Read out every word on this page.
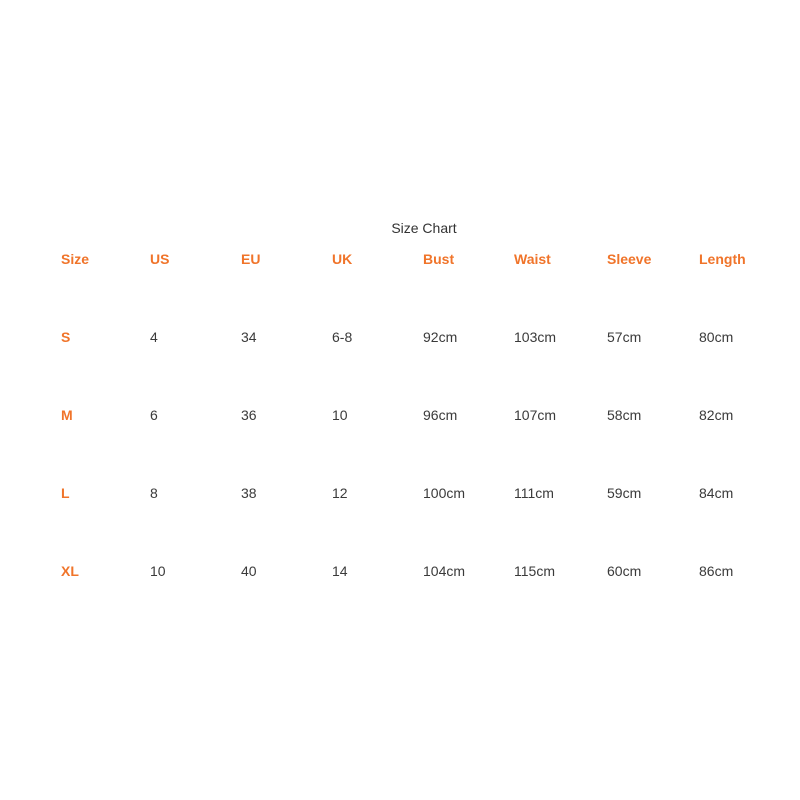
Size Chart
Size	US	EU	UK	Bust	Waist	Sleeve	Length
S	4	34	6-8	92cm	103cm	57cm	80cm
M	6	36	10	96cm	107cm	58cm	82cm
L	8	38	12	100cm	111cm	59cm	84cm
XL	10	40	14	104cm	115cm	60cm	86cm
